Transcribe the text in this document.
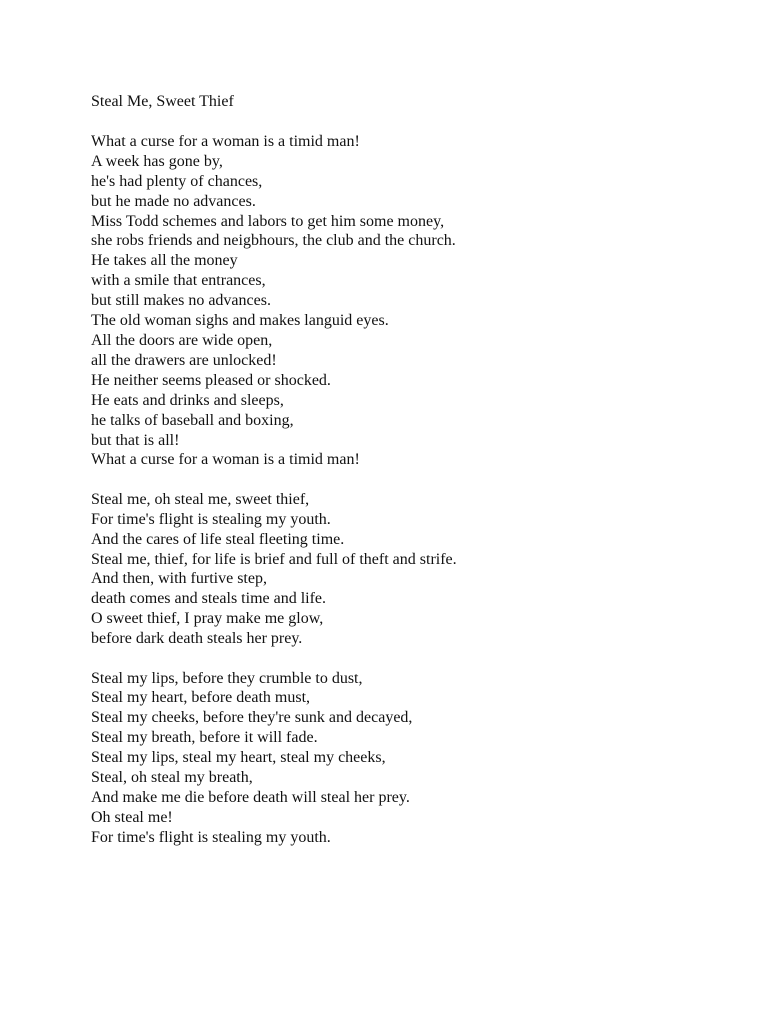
Steal Me, Sweet Thief
What a curse for a woman is a timid man!
A week has gone by,
he's had plenty of chances,
but he made no advances.
Miss Todd schemes and labors to get him some money,
she robs friends and neigbhours, the club and the church.
He takes all the money
with a smile that entrances,
but still makes no advances.
The old woman sighs and makes languid eyes.
All the doors are wide open,
all the drawers are unlocked!
He neither seems pleased or shocked.
He eats and drinks and sleeps,
he talks of baseball and boxing,
but that is all!
What a curse for a woman is a timid man!
Steal me, oh steal me, sweet thief,
For time's flight is stealing my youth.
And the cares of life steal fleeting time.
Steal me, thief, for life is brief and full of theft and strife.
And then, with furtive step,
death comes and steals time and life.
O sweet thief, I pray make me glow,
before dark death steals her prey.
Steal my lips, before they crumble to dust,
Steal my heart, before death must,
Steal my cheeks, before they're sunk and decayed,
Steal my breath, before it will fade.
Steal my lips, steal my heart, steal my cheeks,
Steal, oh steal my breath,
And make me die before death will steal her prey.
Oh steal me!
For time's flight is stealing my youth.
